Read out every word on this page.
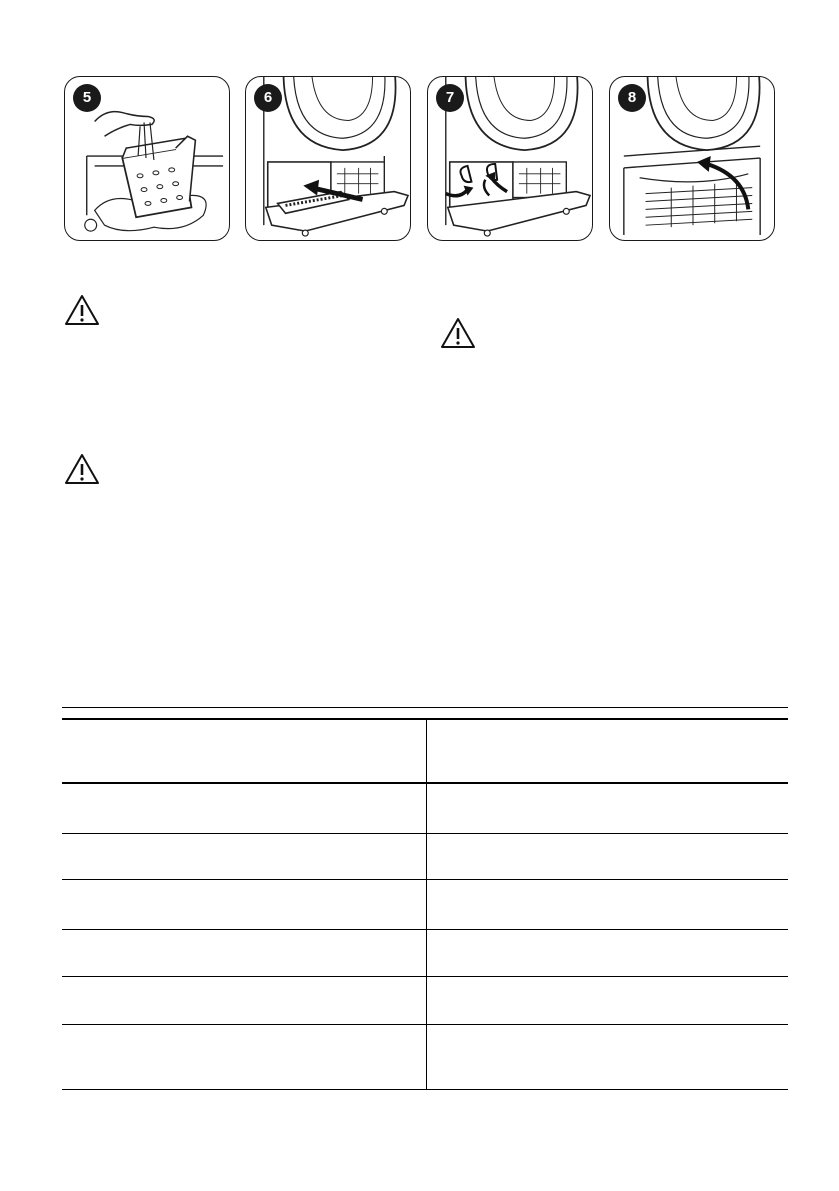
5	6	7	8
